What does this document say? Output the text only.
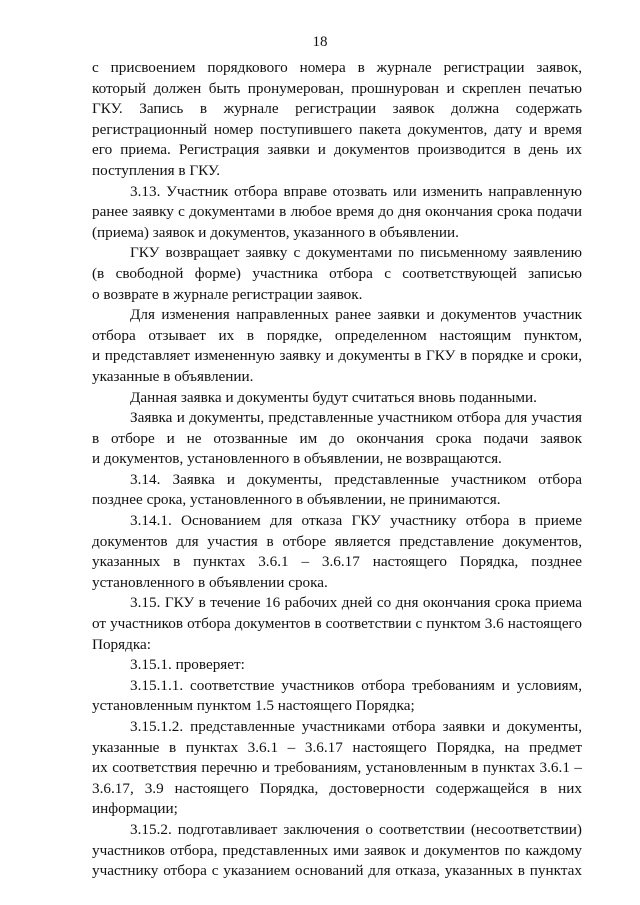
18
с присвоением порядкового номера в журнале регистрации заявок,
который должен быть пронумерован, прошнурован и скреплен печатью
ГКУ. Запись в журнале регистрации заявок должна содержать
регистрационный номер поступившего пакета документов, дату и время
его приема. Регистрация заявки и документов производится в день их
поступления в ГКУ.
3.13. Участник отбора вправе отозвать или изменить направленную
ранее заявку с документами в любое время до дня окончания срока подачи
(приема) заявок и документов, указанного в объявлении.
ГКУ возвращает заявку с документами по письменному заявлению
(в свободной форме) участника отбора с соответствующей записью
о возврате в журнале регистрации заявок.
Для изменения направленных ранее заявки и документов участник
отбора отзывает их в порядке, определенном настоящим пунктом,
и представляет измененную заявку и документы в ГКУ в порядке и сроки,
указанные в объявлении.
Данная заявка и документы будут считаться вновь поданными.
Заявка и документы, представленные участником отбора для участия
в отборе и не отозванные им до окончания срока подачи заявок
и документов, установленного в объявлении, не возвращаются.
3.14. Заявка и документы, представленные участником отбора
позднее срока, установленного в объявлении, не принимаются.
3.14.1. Основанием для отказа ГКУ участнику отбора в приеме
документов для участия в отборе является представление документов,
указанных в пунктах 3.6.1 – 3.6.17 настоящего Порядка, позднее
установленного в объявлении срока.
3.15. ГКУ в течение 16 рабочих дней со дня окончания срока приема
от участников отбора документов в соответствии с пунктом 3.6 настоящего
Порядка:
3.15.1. проверяет:
3.15.1.1. соответствие участников отбора требованиям и условиям,
установленным пунктом 1.5 настоящего Порядка;
3.15.1.2. представленные участниками отбора заявки и документы,
указанные в пунктах 3.6.1 – 3.6.17 настоящего Порядка, на предмет
их соответствия перечню и требованиям, установленным в пунктах 3.6.1 –
3.6.17, 3.9 настоящего Порядка, достоверности содержащейся в них
информации;
3.15.2. подготавливает заключения о соответствии (несоответствии)
участников отбора, представленных ими заявок и документов по каждому
участнику отбора с указанием оснований для отказа, указанных в пунктах
